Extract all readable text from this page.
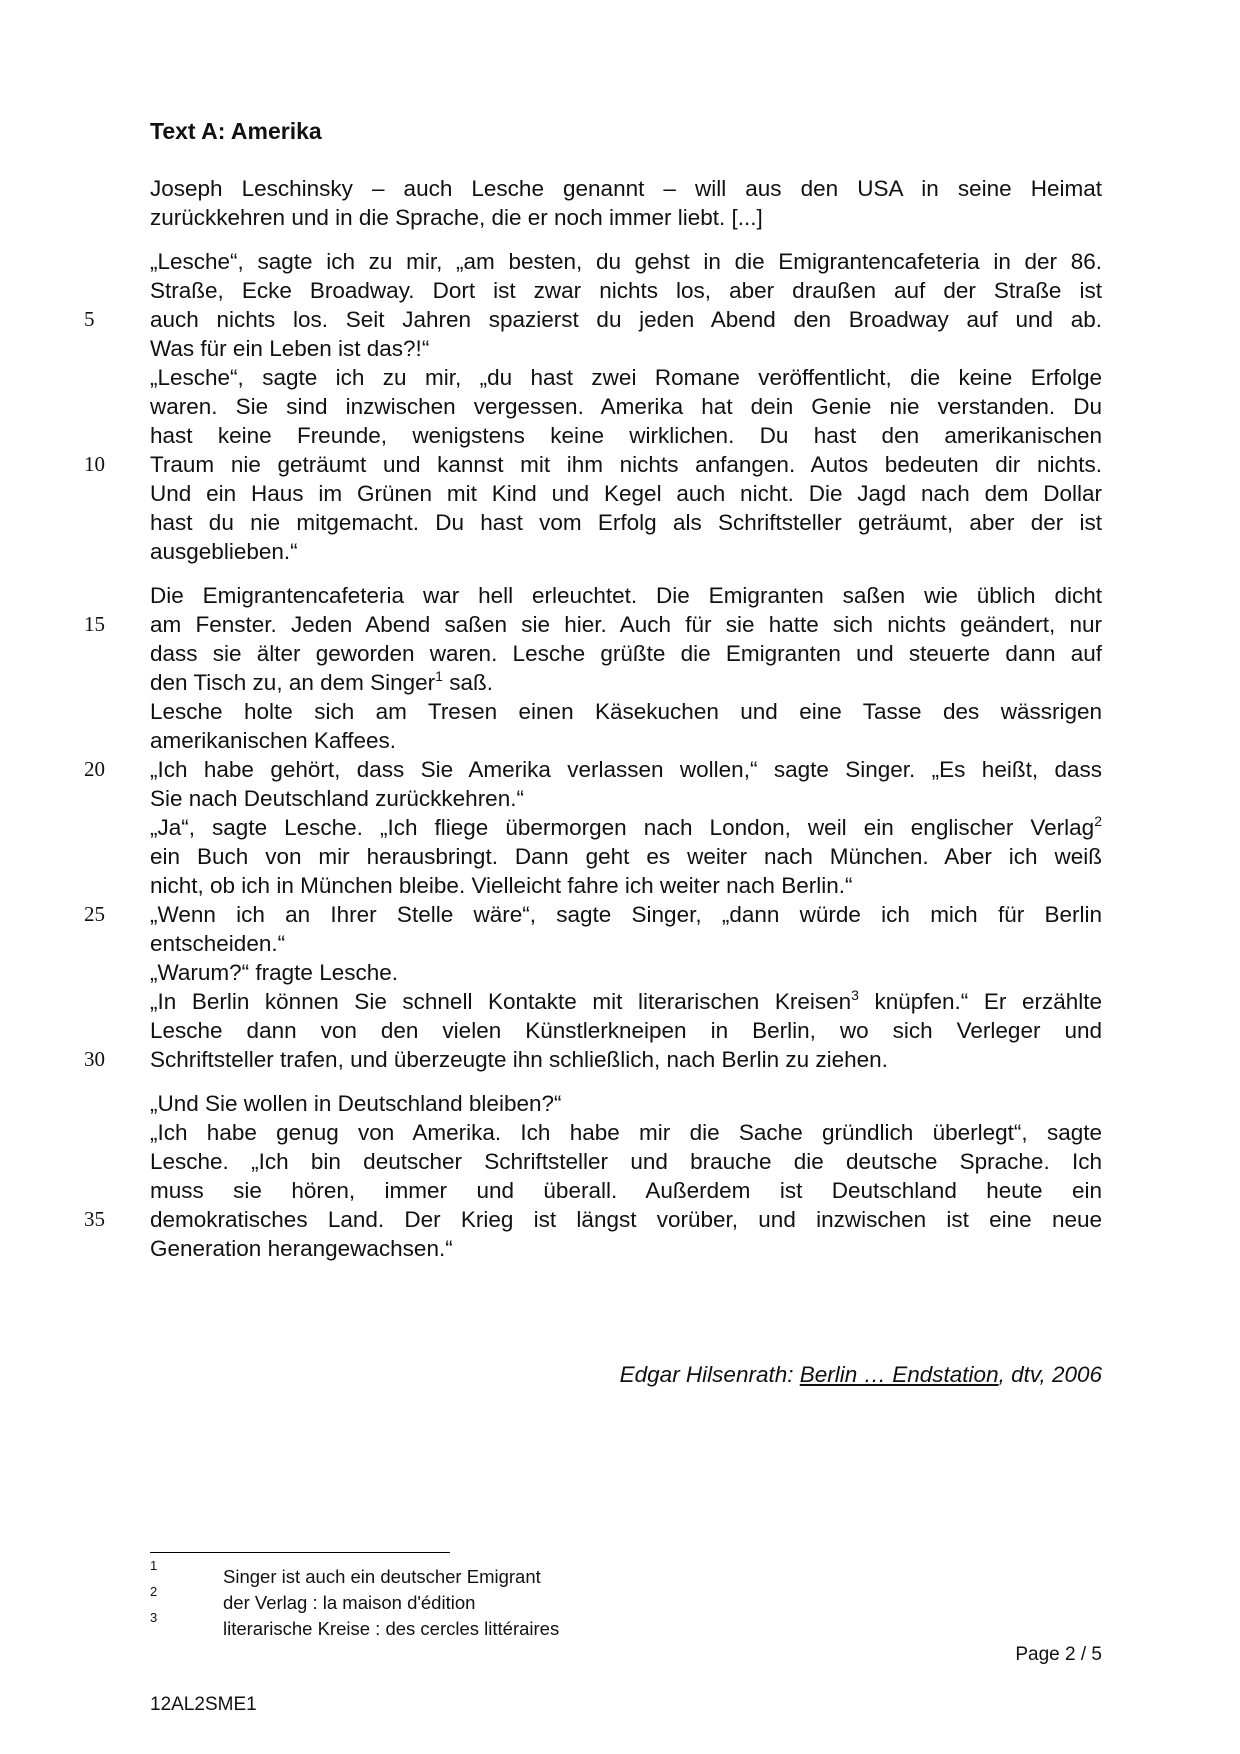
Text A: Amerika
Joseph Leschinsky – auch Lesche genannt – will aus den USA in seine Heimat
zurückkehren und in die Sprache, die er noch immer liebt. [...]
„Lesche“, sagte ich zu mir, „am besten, du gehst in die Emigrantencafeteria in der 86.
Straße, Ecke Broadway. Dort ist zwar nichts los, aber draußen auf der Straße ist
5	auch nichts los. Seit Jahren spazierst du jeden Abend den Broadway auf und ab.
Was für ein Leben ist das?!“
„Lesche“, sagte ich zu mir, „du hast zwei Romane veröffentlicht, die keine Erfolge
waren. Sie sind inzwischen vergessen. Amerika hat dein Genie nie verstanden. Du
hast keine Freunde, wenigstens keine wirklichen. Du hast den amerikanischen
10	Traum nie geträumt und kannst mit ihm nichts anfangen. Autos bedeuten dir nichts.
Und ein Haus im Grünen mit Kind und Kegel auch nicht. Die Jagd nach dem Dollar
hast du nie mitgemacht. Du hast vom Erfolg als Schriftsteller geträumt, aber der ist
ausgeblieben.“
Die Emigrantencafeteria war hell erleuchtet. Die Emigranten saßen wie üblich dicht
15	am Fenster. Jeden Abend saßen sie hier. Auch für sie hatte sich nichts geändert, nur
dass sie älter geworden waren. Lesche grüßte die Emigranten und steuerte dann auf
den Tisch zu, an dem Singer$^1$ saß.
Lesche holte sich am Tresen einen Käsekuchen und eine Tasse des wässrigen
amerikanischen Kaffees.
20	„Ich habe gehört, dass Sie Amerika verlassen wollen,“ sagte Singer. „Es heißt, dass
Sie nach Deutschland zurückkehren.“
„Ja“, sagte Lesche. „Ich fliege übermorgen nach London, weil ein englischer Verlag$^2$
ein Buch von mir herausbringt. Dann geht es weiter nach München. Aber ich weiß
nicht, ob ich in München bleibe. Vielleicht fahre ich weiter nach Berlin.“
25	„Wenn ich an Ihrer Stelle wäre“, sagte Singer, „dann würde ich mich für Berlin
entscheiden.“
„Warum?“ fragte Lesche.
„In Berlin können Sie schnell Kontakte mit literarischen Kreisen$^3$ knüpfen.“ Er erzählte
Lesche dann von den vielen Künstlerkneipen in Berlin, wo sich Verleger und
30	Schriftsteller trafen, und überzeugte ihn schließlich, nach Berlin zu ziehen.
„Und Sie wollen in Deutschland bleiben?“
„Ich habe genug von Amerika. Ich habe mir die Sache gründlich überlegt“, sagte
Lesche. „Ich bin deutscher Schriftsteller und brauche die deutsche Sprache. Ich
muss sie hören, immer und überall. Außerdem ist Deutschland heute ein
35	demokratisches Land. Der Krieg ist längst vorüber, und inzwischen ist eine neue
Generation herangewachsen.“
Edgar Hilsenrath: Berlin … Endstation, dtv, 2006
1
Singer ist auch ein deutscher Emigrant
2
der Verlag : la maison d'édition
3
literarische Kreise : des cercles littéraires
Page 2 / 5
12AL2SME1
